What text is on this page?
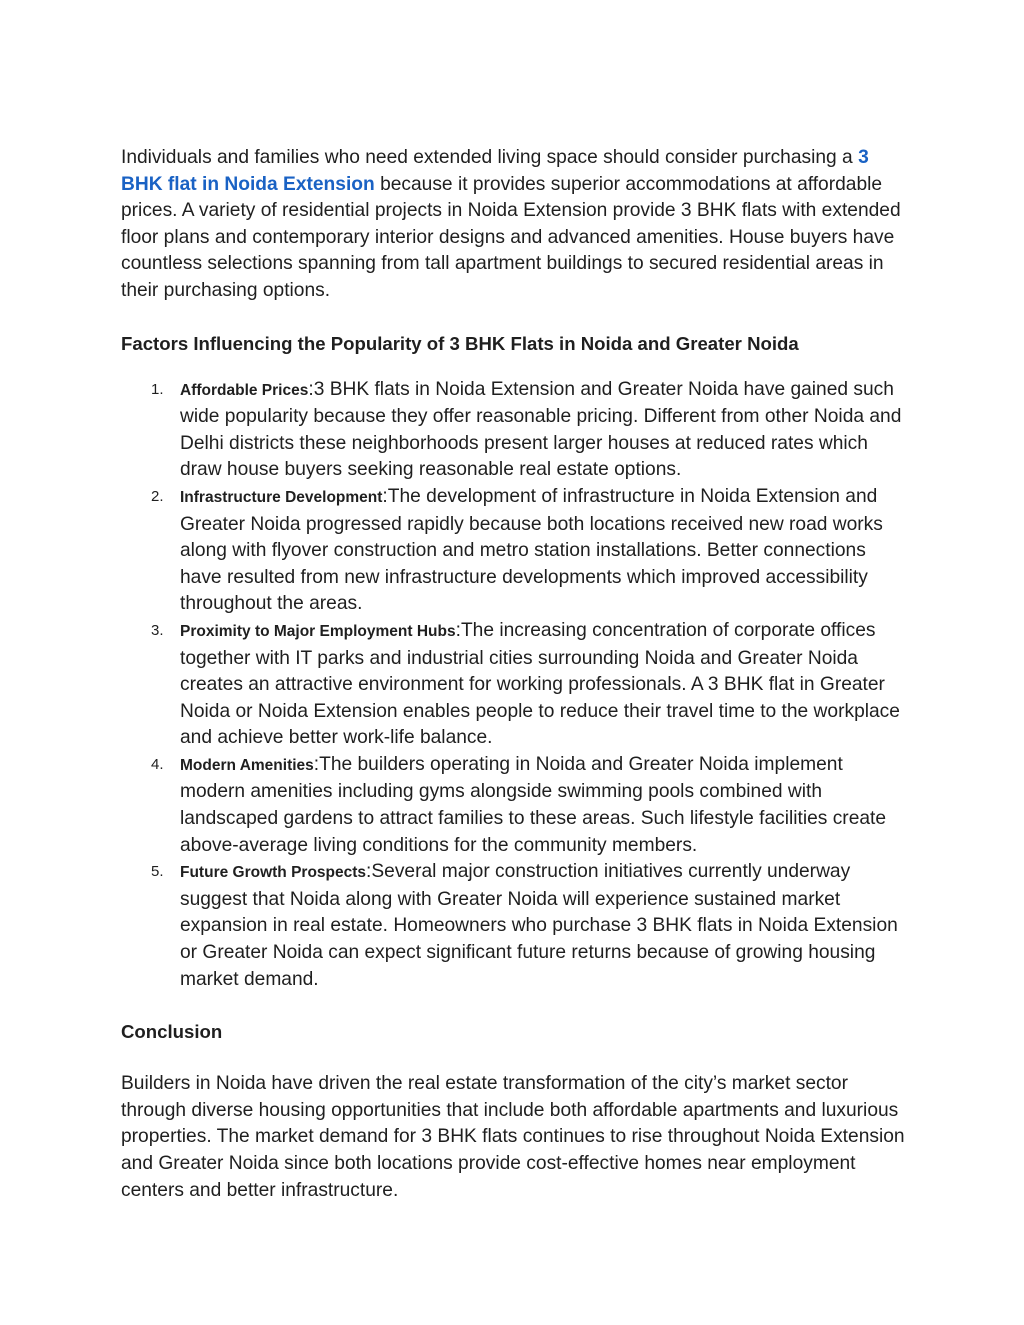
Individuals and families who need extended living space should consider purchasing a 3 BHK flat in Noida Extension because it provides superior accommodations at affordable prices. A variety of residential projects in Noida Extension provide 3 BHK flats with extended floor plans and contemporary interior designs and advanced amenities. House buyers have countless selections spanning from tall apartment buildings to secured residential areas in their purchasing options.

Factors Influencing the Popularity of 3 BHK Flats in Noida and Greater Noida
1. Affordable Prices:3 BHK flats in Noida Extension and Greater Noida have gained such wide popularity because they offer reasonable pricing. Different from other Noida and Delhi districts these neighborhoods present larger houses at reduced rates which draw house buyers seeking reasonable real estate options.
2. Infrastructure Development:The development of infrastructure in Noida Extension and Greater Noida progressed rapidly because both locations received new road works along with flyover construction and metro station installations. Better connections have resulted from new infrastructure developments which improved accessibility throughout the areas.
3. Proximity to Major Employment Hubs:The increasing concentration of corporate offices together with IT parks and industrial cities surrounding Noida and Greater Noida creates an attractive environment for working professionals. A 3 BHK flat in Greater Noida or Noida Extension enables people to reduce their travel time to the workplace and achieve better work-life balance.
4. Modern Amenities:The builders operating in Noida and Greater Noida implement modern amenities including gyms alongside swimming pools combined with landscaped gardens to attract families to these areas. Such lifestyle facilities create above-average living conditions for the community members.
5. Future Growth Prospects:Several major construction initiatives currently underway suggest that Noida along with Greater Noida will experience sustained market expansion in real estate. Homeowners who purchase 3 BHK flats in Noida Extension or Greater Noida can expect significant future returns because of growing housing market demand.
Conclusion

Builders in Noida have driven the real estate transformation of the city’s market sector through diverse housing opportunities that include both affordable apartments and luxurious properties. The market demand for 3 BHK flats continues to rise throughout Noida Extension and Greater Noida since both locations provide cost-effective homes near employment centers and better infrastructure.
